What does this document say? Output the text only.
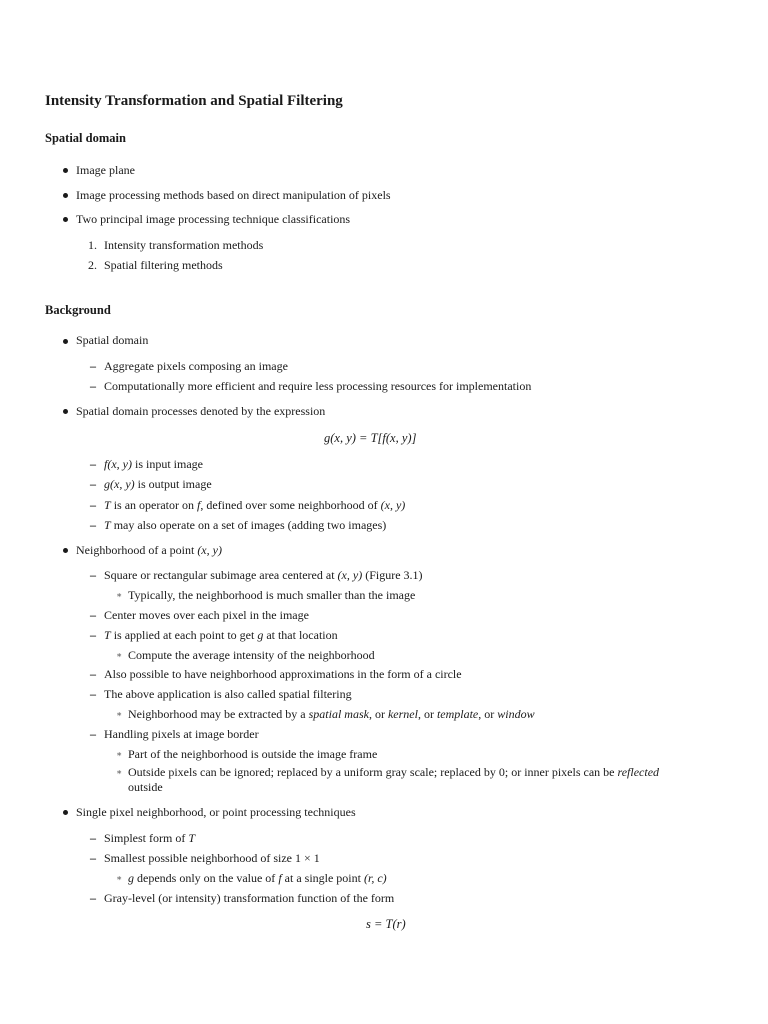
Intensity Transformation and Spatial Filtering
Spatial domain
Image plane
Image processing methods based on direct manipulation of pixels
Two principal image processing technique classifications
1. Intensity transformation methods
2. Spatial filtering methods
Background
Spatial domain
– Aggregate pixels composing an image
– Computationally more efficient and require less processing resources for implementation
Spatial domain processes denoted by the expression
g(x, y) = T[f(x, y)]
– f(x, y) is input image
– g(x, y) is output image
– T is an operator on f, defined over some neighborhood of (x, y)
– T may also operate on a set of images (adding two images)
Neighborhood of a point (x, y)
– Square or rectangular subimage area centered at (x, y) (Figure 3.1)
∗ Typically, the neighborhood is much smaller than the image
– Center moves over each pixel in the image
– T is applied at each point to get g at that location
∗ Compute the average intensity of the neighborhood
– Also possible to have neighborhood approximations in the form of a circle
– The above application is also called spatial filtering
∗ Neighborhood may be extracted by a spatial mask, or kernel, or template, or window
– Handling pixels at image border
∗ Part of the neighborhood is outside the image frame
∗ Outside pixels can be ignored; replaced by a uniform gray scale; replaced by 0; or inner pixels can be reflected
outside
Single pixel neighborhood, or point processing techniques
– Simplest form of T
– Smallest possible neighborhood of size 1 × 1
∗ g depends only on the value of f at a single point (r, c)
– Gray-level (or intensity) transformation function of the form
s = T(r)
